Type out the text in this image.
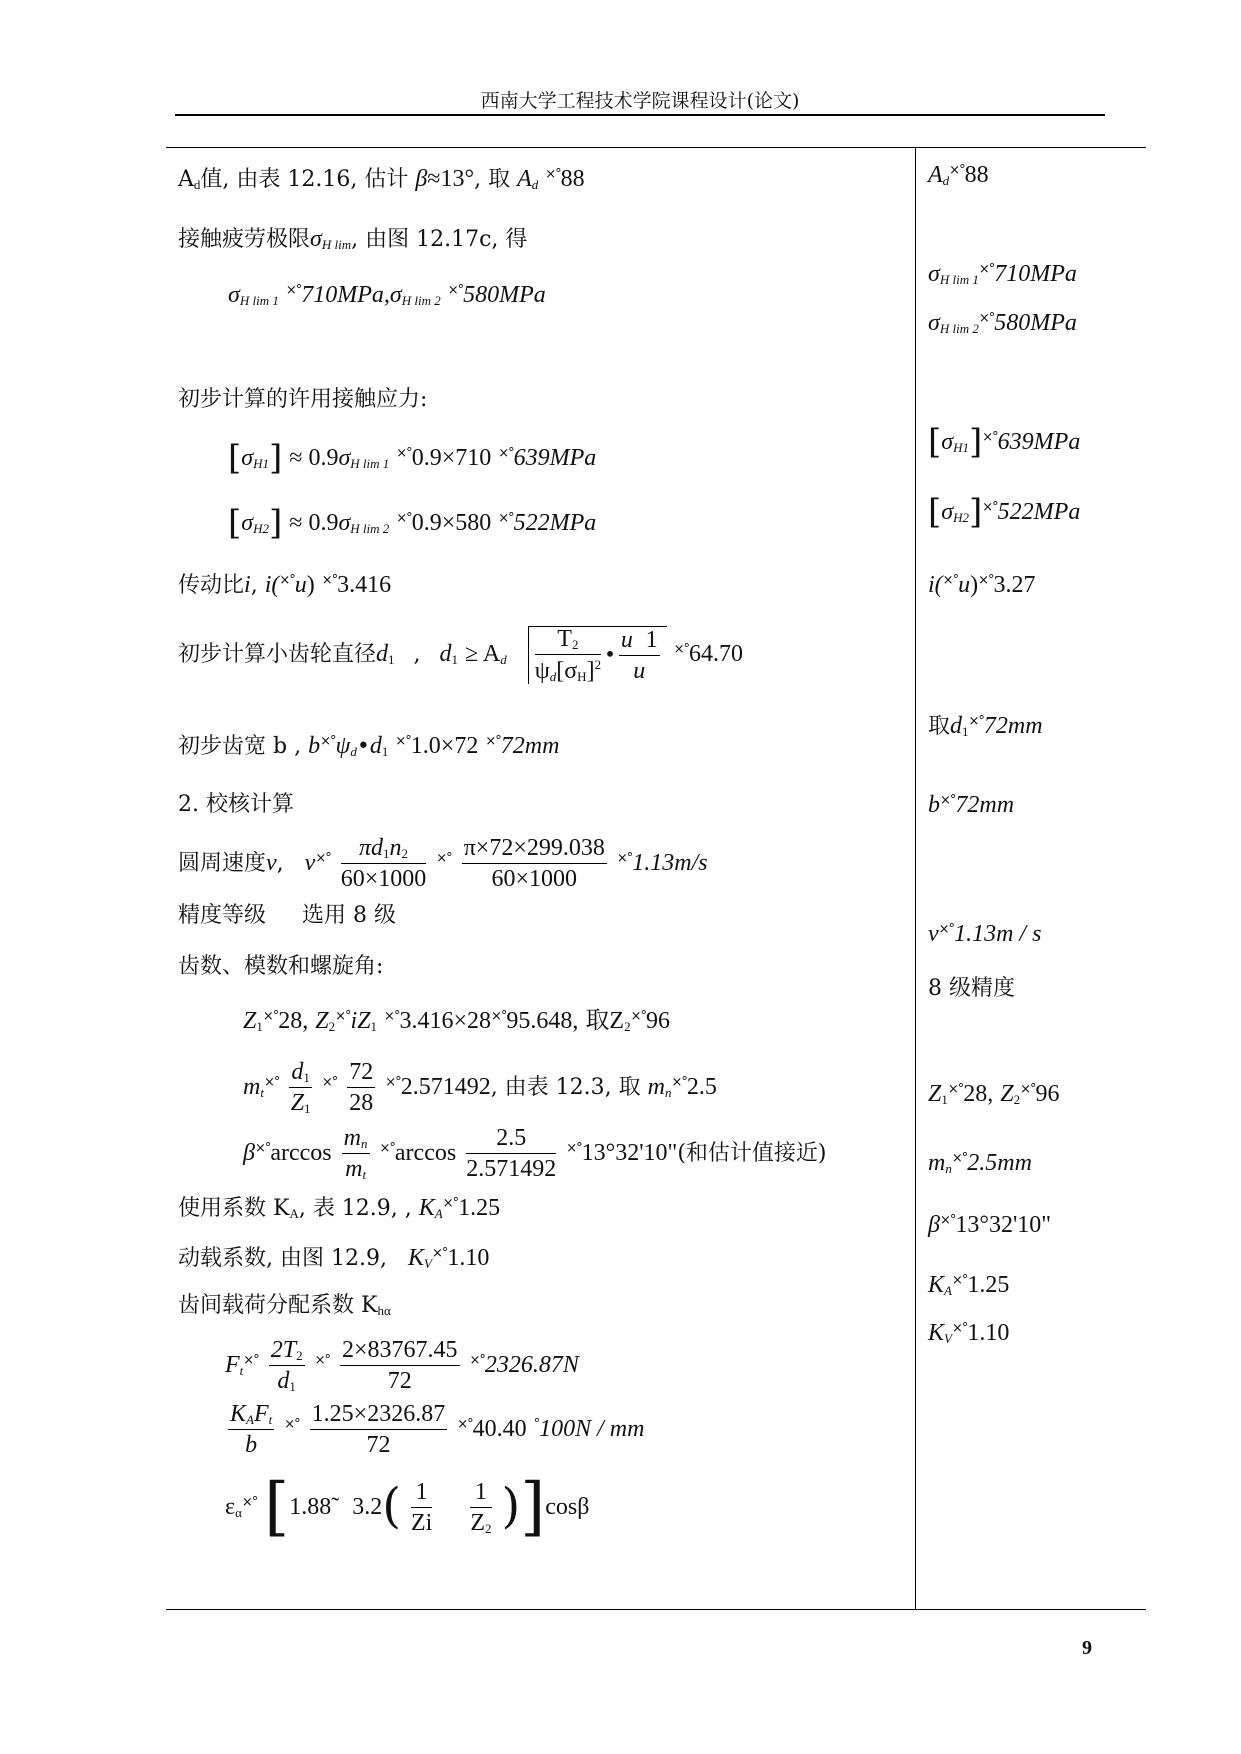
西南大学工程技术学院课程设计(论文)
Ad值, 由表 12.16, 估计 β≈13°, 取 Ad ×°88
接触疲劳极限σH lim, 由图 12.17c, 得
σH lim 1 ×°710MPa,σH lim 2 ×°580MPa
初步计算的许用接触应力:
[σH1] ≈ 0.9σH lim 1 ×°0.9×710 ×°639MPa
[σH2] ≈ 0.9σH lim 2 ×°0.9×580 ×°522MPa
传动比i, i(×°u) ×°3.416
初步计算小齿轮直径d1 , d1 ≥ Ad $\frac{T2}{\psi d[\sigma H]^2}$ • $\frac{u 1}{u} ^{\times^\circ}64.70$
初步齿宽 b , b×°ψd•d1 ×°1.0×72 ×°72mm
2. 校核计算
圆周速度v, $v^{\times^\circ} \frac{\pi d1n2}{60\times 1000} ^{\times^\circ} \frac{\pi\times 72\times 299.038}{60\times 1000} ^{\times^\circ}1.13m/s$
精度等级 选用 8 级
齿数、模数和螺旋角:
Z1×°28, Z2×°iZ1 ×°3.416×28×°95.648, 取Z2×°96
$mt^{\times^\circ} \frac{d1}{Z1} ^{\times^\circ} \frac{72}{28} ^{\times^\circ}2.571492$, 由表 12.3, 取 mn×°2.5
$\beta^{\times^\circ}\arccos \frac{mn}{mt} ^{\times^\circ}\arccos \frac{2.5}{2.571492}$ ×°13°32'10"(和估计值接近)
使用系数 KA, 表 12.9, , KA×°1.25
动载系数, 由图 12.9, KV×°1.10
齿间载荷分配系数 Khα
$Ft^{\times^\circ} \frac{2T2}{d1} ^{\times^\circ} \frac{2\times 83767.45}{72} ^{\times^\circ}2326.87N$
$\frac{\text{KAFt}}{b} ^{\times^\circ} \frac{1.25\times 2326.87}{72} ^{\times^\circ}40.40$ °100N / mm
εα×° [1.88 $3.2( \frac{1}{Zi}$
$\frac{1}{Z2} )]\cos\beta$
Ad×°88
σH lim 1×°710MPa
σH lim 2×°580MPa
[σH1]×°639MPa
[σH2]×°522MPa
i(×°u)×°3.27
取d1×°72mm
b×°72mm
v×°1.13m / s
8 级精度
Z1×°28, Z2×°96
mn×°2.5mm
β×°13°32'10"
KA×°1.25
KV×°1.10
9
